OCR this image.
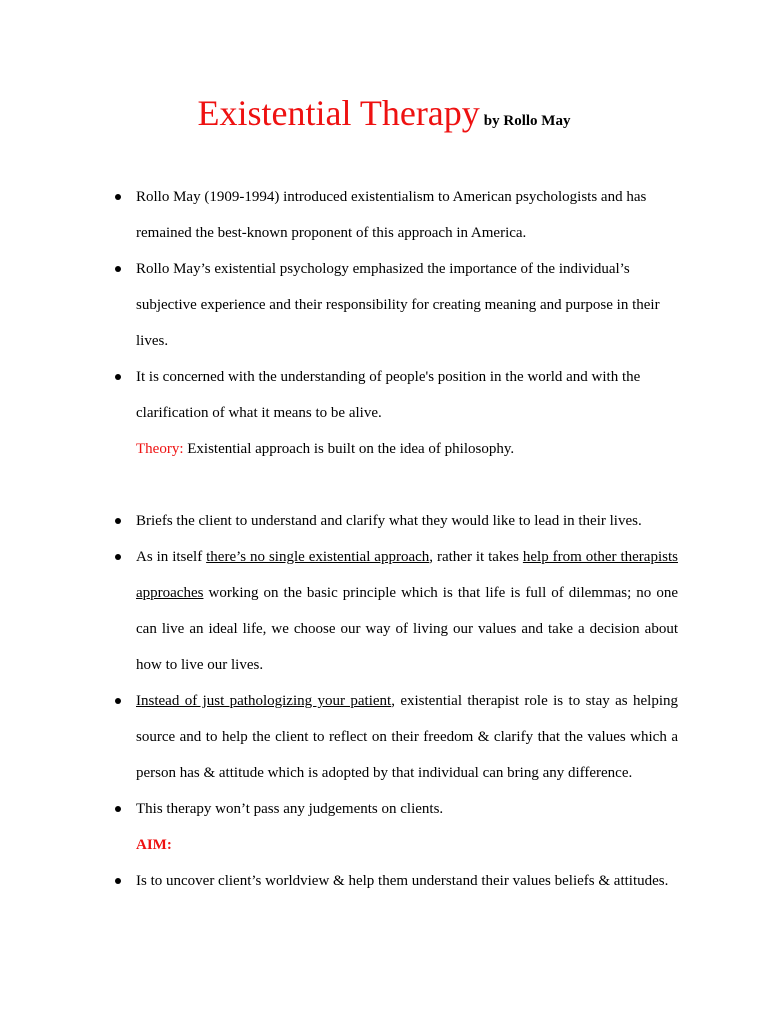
Existential Therapy by Rollo May
Rollo May (1909-1994) introduced existentialism to American psychologists and has remained the best-known proponent of this approach in America.
Rollo May’s existential psychology emphasized the importance of the individual’s subjective experience and their responsibility for creating meaning and purpose in their lives.
It is concerned with the understanding of people's position in the world and with the clarification of what it means to be alive.
Theory: Existential approach is built on the idea of philosophy.
Briefs the client to understand and clarify what they would like to lead in their lives.
As in itself there’s no single existential approach, rather it takes help from other therapists approaches working on the basic principle which is that life is full of dilemmas; no one can live an ideal life, we choose our way of living our values and take a decision about how to live our lives.
Instead of just pathologizing your patient, existential therapist role is to stay as helping source and to help the client to reflect on their freedom & clarify that the values which a person has & attitude which is adopted by that individual can bring any difference.
This therapy won’t pass any judgements on clients.
AIM:
Is to uncover client’s worldview & help them understand their values beliefs & attitudes.
